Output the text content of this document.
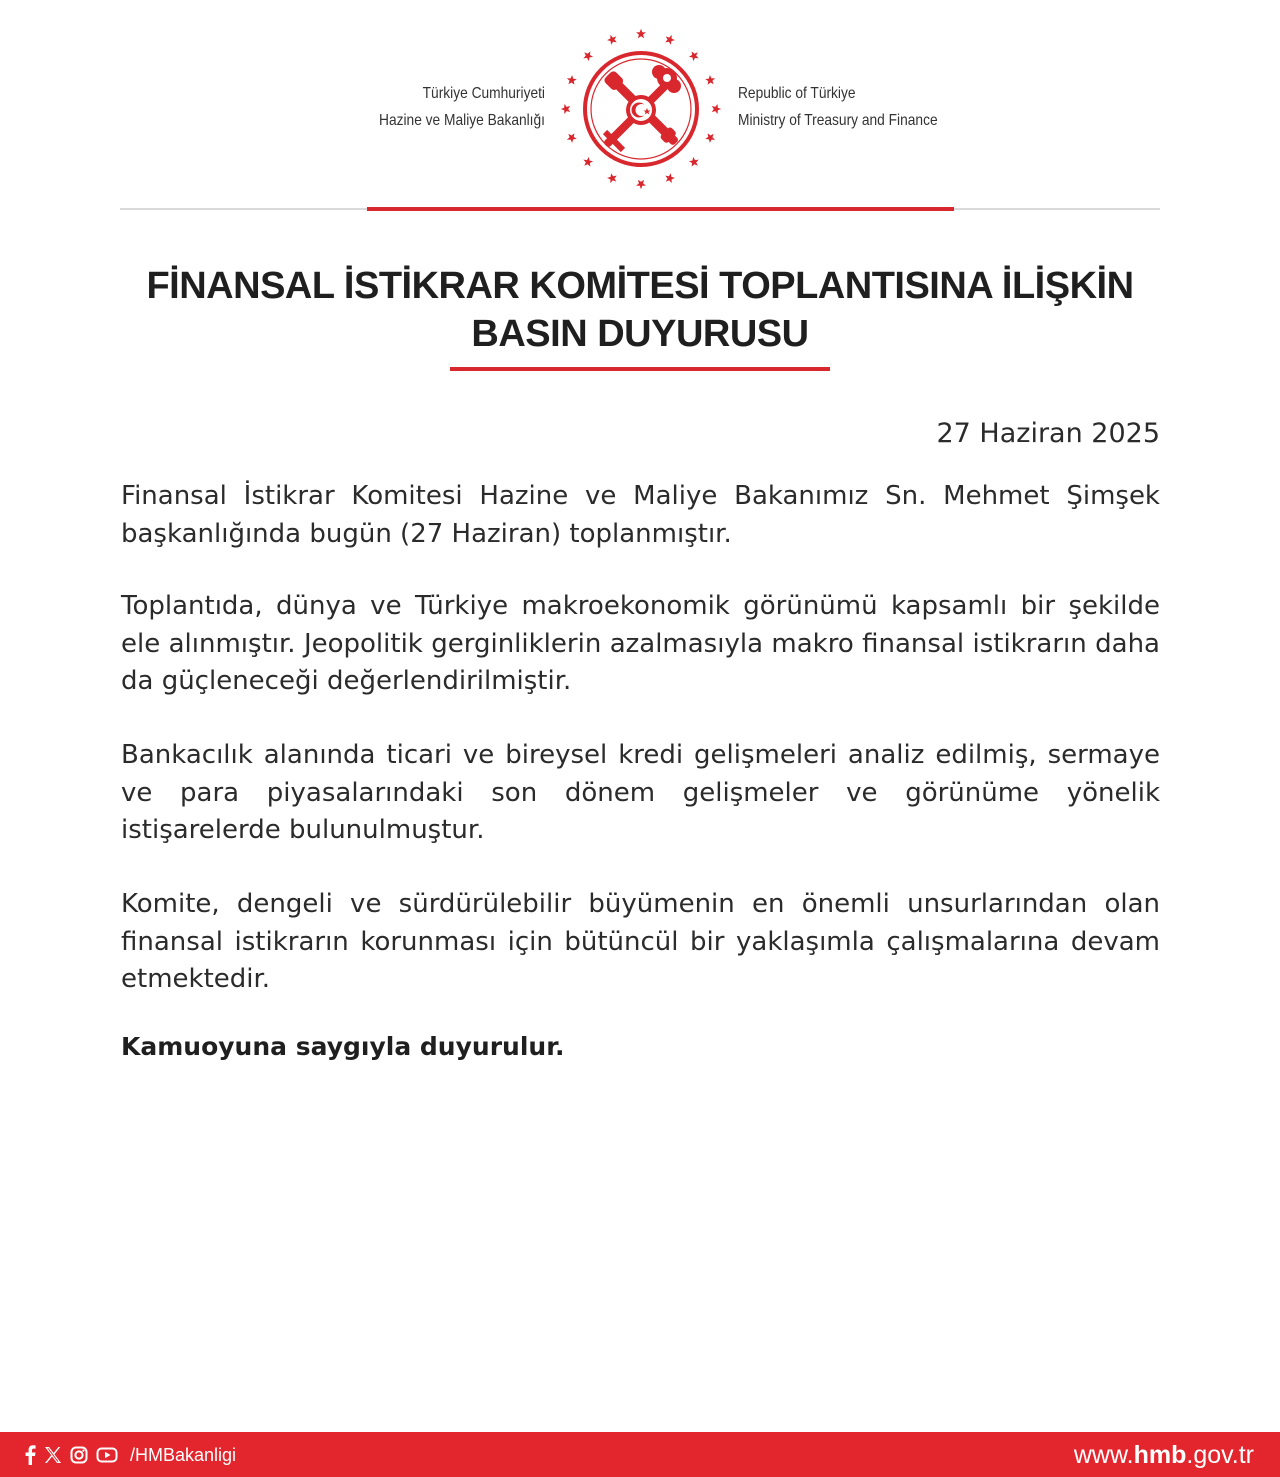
Türkiye Cumhuriyeti
Hazine ve Maliye Bakanlığı
Republic of Türkiye
Ministry of Treasury and Finance
FİNANSAL İSTİKRAR KOMİTESİ TOPLANTISINA İLİŞKİN
BASIN DUYURUSU
27 Haziran 2025

Finansal İstikrar Komitesi Hazine ve Maliye Bakanımız Sn. Mehmet Şimşek başkanlığında bugün (27 Haziran) toplanmıştır.

Toplantıda, dünya ve Türkiye makroekonomik görünümü kapsamlı bir şekilde ele alınmıştır. Jeopolitik gerginliklerin azalmasıyla makro finansal istikrarın daha da güçleneceği değerlendirilmiştir.

Bankacılık alanında ticari ve bireysel kredi gelişmeleri analiz edilmiş, sermaye ve para piyasalarındaki son dönem gelişmeler ve görünüme yönelik istişarelerde bulunulmuştur.

Komite, dengeli ve sürdürülebilir büyümenin en önemli unsurlarından olan finansal istikrarın korunması için bütüncül bir yaklaşımla çalışmalarına devam etmektedir.

Kamuoyuna saygıyla duyurulur.
/HMBakanligi	www.hmb.gov.tr
